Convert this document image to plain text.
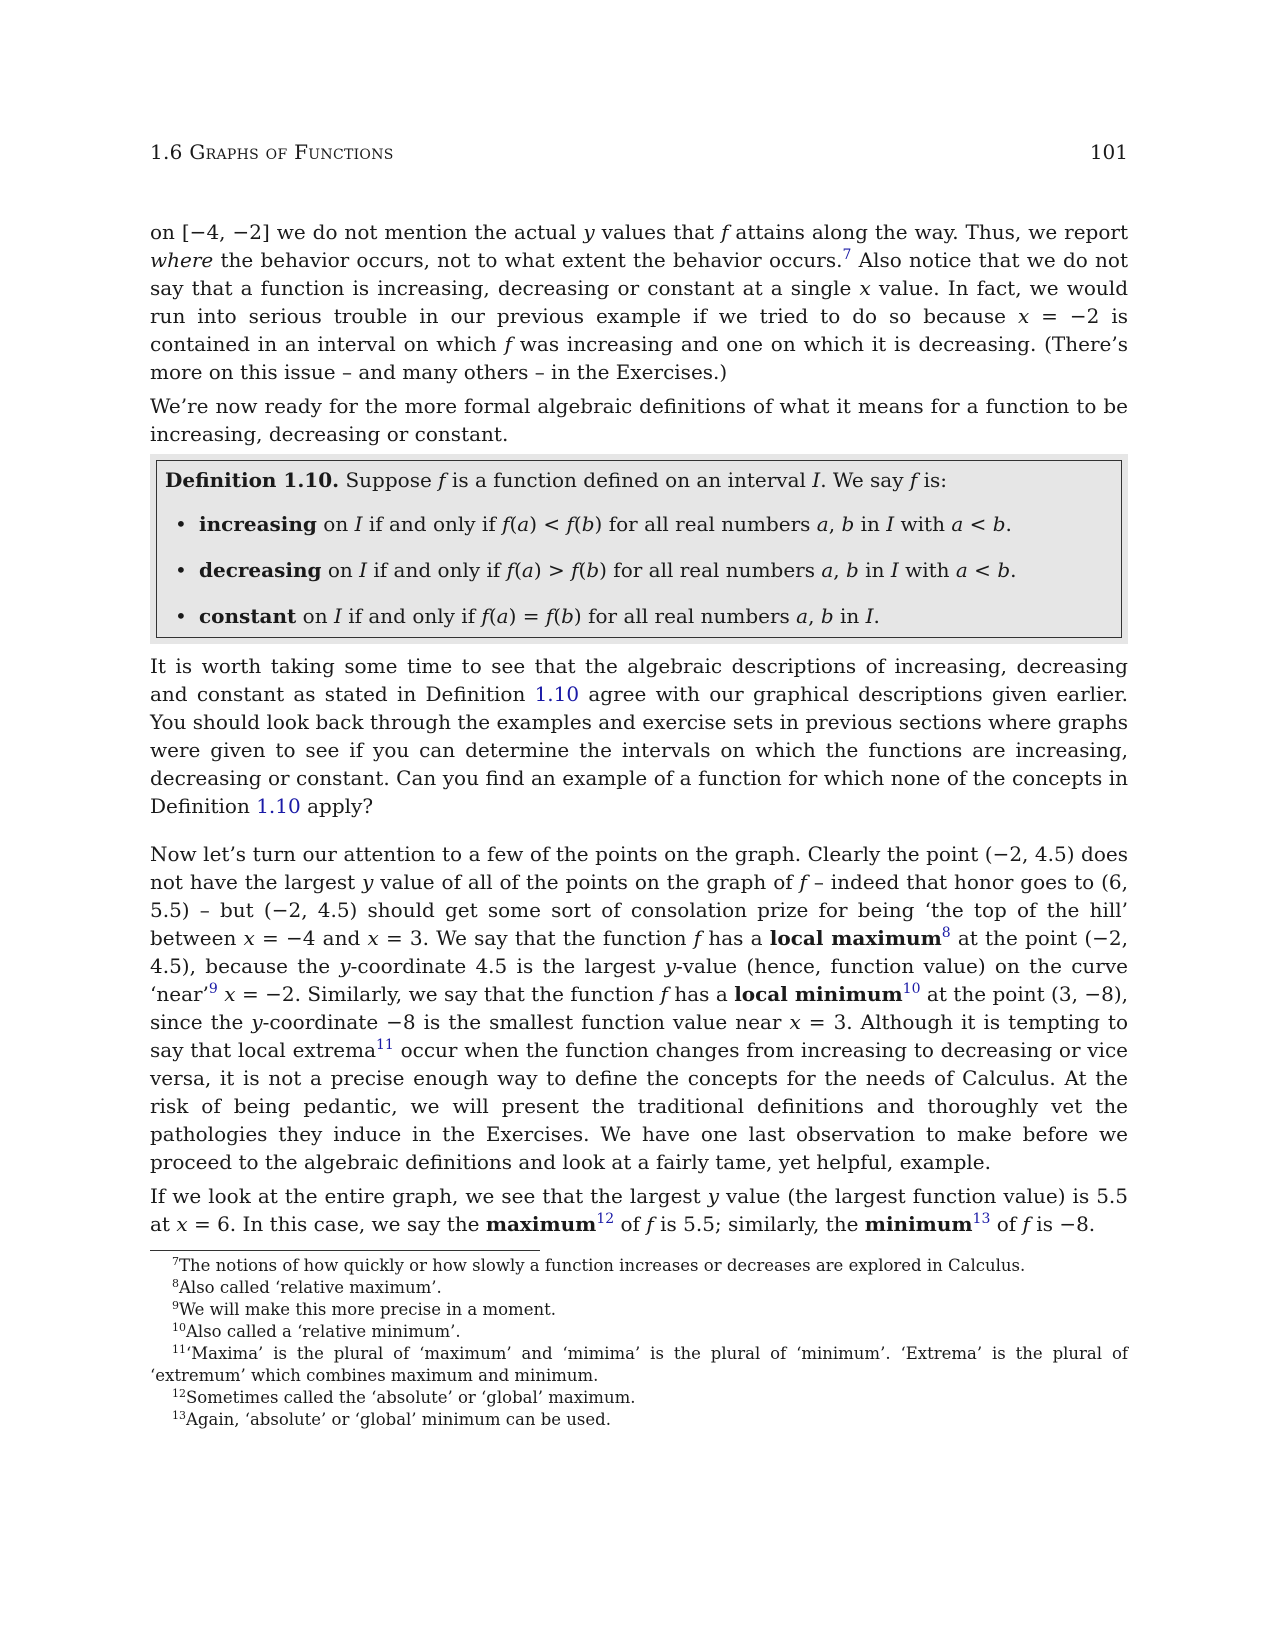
1.6 Graphs of Functions	101

on [−4, −2] we do not mention the actual y values that f attains along the way. Thus, we report where the behavior occurs, not to what extent the behavior occurs.$^7$ Also notice that we do not say that a function is increasing, decreasing or constant at a single x value. In fact, we would run into serious trouble in our previous example if we tried to do so because x = −2 is contained in an interval on which f was increasing and one on which it is decreasing. (There’s more on this issue – and many others – in the Exercises.)

We’re now ready for the more formal algebraic definitions of what it means for a function to be increasing, decreasing or constant.

Definition 1.10. Suppose f is a function defined on an interval I. We say f is:
• increasing on I if and only if f(a) < f(b) for all real numbers a, b in I with a < b.
• decreasing on I if and only if f(a) > f(b) for all real numbers a, b in I with a < b.
• constant on I if and only if f(a) = f(b) for all real numbers a, b in I.

It is worth taking some time to see that the algebraic descriptions of increasing, decreasing and constant as stated in Definition 1.10 agree with our graphical descriptions given earlier. You should look back through the examples and exercise sets in previous sections where graphs were given to see if you can determine the intervals on which the functions are increasing, decreasing or constant. Can you find an example of a function for which none of the concepts in Definition 1.10 apply?

Now let’s turn our attention to a few of the points on the graph. Clearly the point (−2, 4.5) does not have the largest y value of all of the points on the graph of f – indeed that honor goes to (6, 5.5) – but (−2, 4.5) should get some sort of consolation prize for being ‘the top of the hill’ between x = −4 and x = 3. We say that the function f has a local maximum$^8$ at the point (−2, 4.5), because the y-coordinate 4.5 is the largest y-value (hence, function value) on the curve ‘near’$^9$ x = −2. Similarly, we say that the function f has a local minimum$^{10}$ at the point (3, −8), since the y-coordinate −8 is the smallest function value near x = 3. Although it is tempting to say that local extrema$^{11}$ occur when the function changes from increasing to decreasing or vice versa, it is not a precise enough way to define the concepts for the needs of Calculus. At the risk of being pedantic, we will present the traditional definitions and thoroughly vet the pathologies they induce in the Exercises. We have one last observation to make before we proceed to the algebraic definitions and look at a fairly tame, yet helpful, example.

If we look at the entire graph, we see that the largest y value (the largest function value) is 5.5 at x = 6. In this case, we say the maximum$^{12}$ of f is 5.5; similarly, the minimum$^{13}$ of f is −8.

$^7$The notions of how quickly or how slowly a function increases or decreases are explored in Calculus.

$^8$Also called ‘relative maximum’.

$^9$We will make this more precise in a moment.

$^{10}$Also called a ‘relative minimum’.

$^{11}$‘Maxima’ is the plural of ‘maximum’ and ‘mimima’ is the plural of ‘minimum’. ‘Extrema’ is the plural of ‘extremum’ which combines maximum and minimum.

$^{12}$Sometimes called the ‘absolute’ or ‘global’ maximum.

$^{13}$Again, ‘absolute’ or ‘global’ minimum can be used.
